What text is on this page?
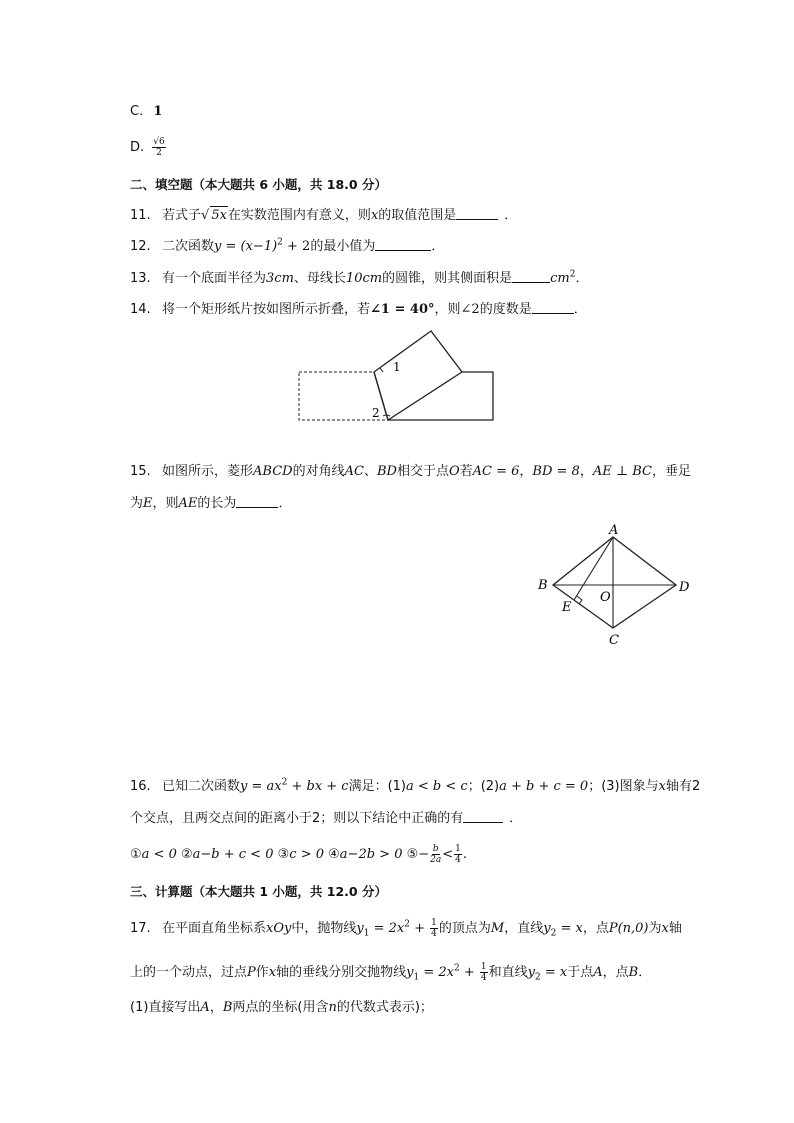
C. 1
D. $\frac{√6}{2}$
二、填空题（本大题共 6 小题，共 18.0 分）
11. 若式子√ 5x在实数范围内有意义，则x的取值范围是	．
12. 二次函数$y = (x-1)^2 + 2$的最小值为	．
13. 有一个底面半径为3cm、母线长10cm的圆锥，则其侧面积是	$cm^2$．
14. 将一个矩形纸片按如图所示折叠，若∠1 = 40°，则∠2的度数是	．
1
2
15. 如图所示，菱形ABCD的对角线AC、BD相交于点O若AC = 6，BD = 8，AE ⊥ BC，垂足
为E，则AE的长为	．
A
B
C
D
E
O
16. 已知二次函数$y = ax^2$ + bx + c满足：(1)a < b < c；(2)a + b + c = 0；(3)图象与x轴有2
个交点，且两交点间的距离小于2；则以下结论中正确的有	．
①a < 0 ②a−b + c < 0 ③c > 0 ④a−2b > 0 ⑤− $\frac{b}{2a} < \frac{1}{4}$ .
三、计算题（本大题共 1 小题，共 12.0 分）
17. 在平面直角坐标系xOy中，抛物线$y_1 = 2x^2 + \frac{1}{4}$ 的顶点为M，直线$y_2 = x$，点P(n,0)为x轴
上的一个动点，过点P作x轴的垂线分别交抛物线$y_1 = 2x^2 + \frac{1}{4}$ 和直线$y_2 = x$于点A，点B．
(1)直接写出A，B两点的坐标(用含n的代数式表示)；
